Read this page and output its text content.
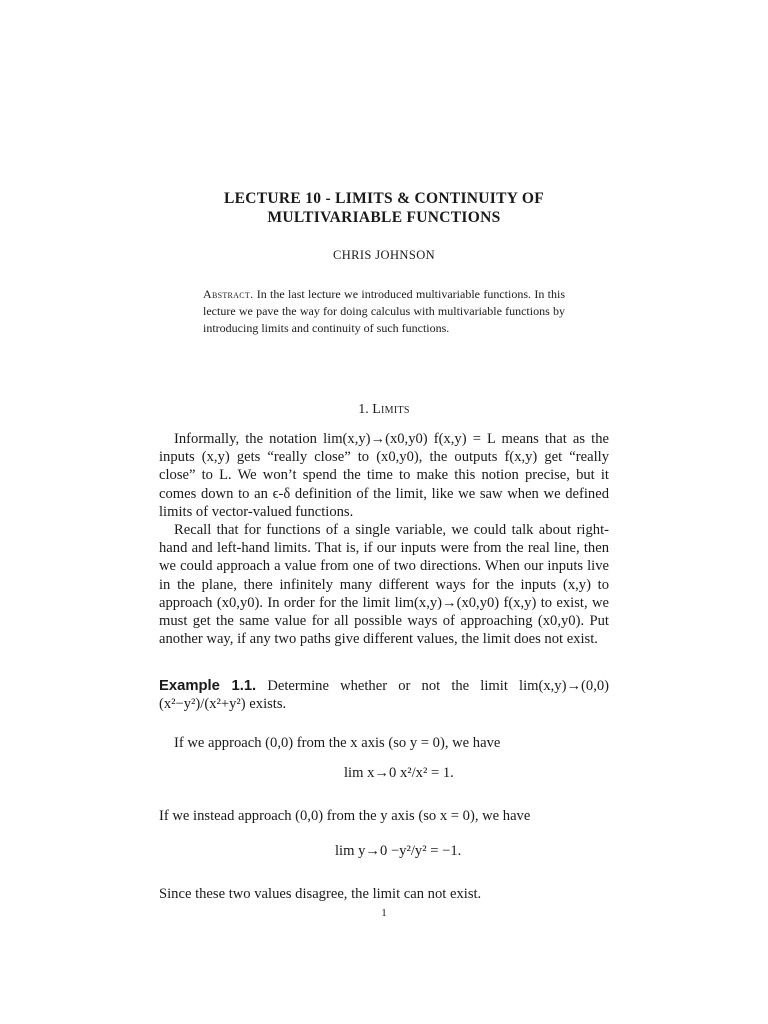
LECTURE 10 - LIMITS & CONTINUITY OF
MULTIVARIABLE FUNCTIONS
CHRIS JOHNSON
Abstract. In the last lecture we introduced multivariable functions. In this lecture we pave the way for doing calculus with multivariable functions by introducing limits and continuity of such functions.
1. Limits

Informally, the notation lim(x,y)→(x0,y0) f(x,y) = L means that as the inputs (x,y) gets “really close” to (x0,y0), the outputs f(x,y) get “really close” to L. We won’t spend the time to make this notion precise, but it comes down to an ϵ-δ definition of the limit, like we saw when we defined limits of vector-valued functions.

Recall that for functions of a single variable, we could talk about right-hand and left-hand limits. That is, if our inputs were from the real line, then we could approach a value from one of two directions. When our inputs live in the plane, there infinitely many different ways for the inputs (x,y) to approach (x0,y0). In order for the limit lim(x,y)→(x0,y0) f(x,y) to exist, we must get the same value for all possible ways of approaching (x0,y0). Put another way, if any two paths give different values, the limit does not exist.

Example 1.1. Determine whether or not the limit lim(x,y)→(0,0) (x²−y²)/(x²+y²) exists.

If we approach (0,0) from the x axis (so y = 0), we have

lim x→0 x²/x² = 1.

If we instead approach (0,0) from the y axis (so x = 0), we have

lim y→0 −y²/y² = −1.

Since these two values disagree, the limit can not exist.

1
